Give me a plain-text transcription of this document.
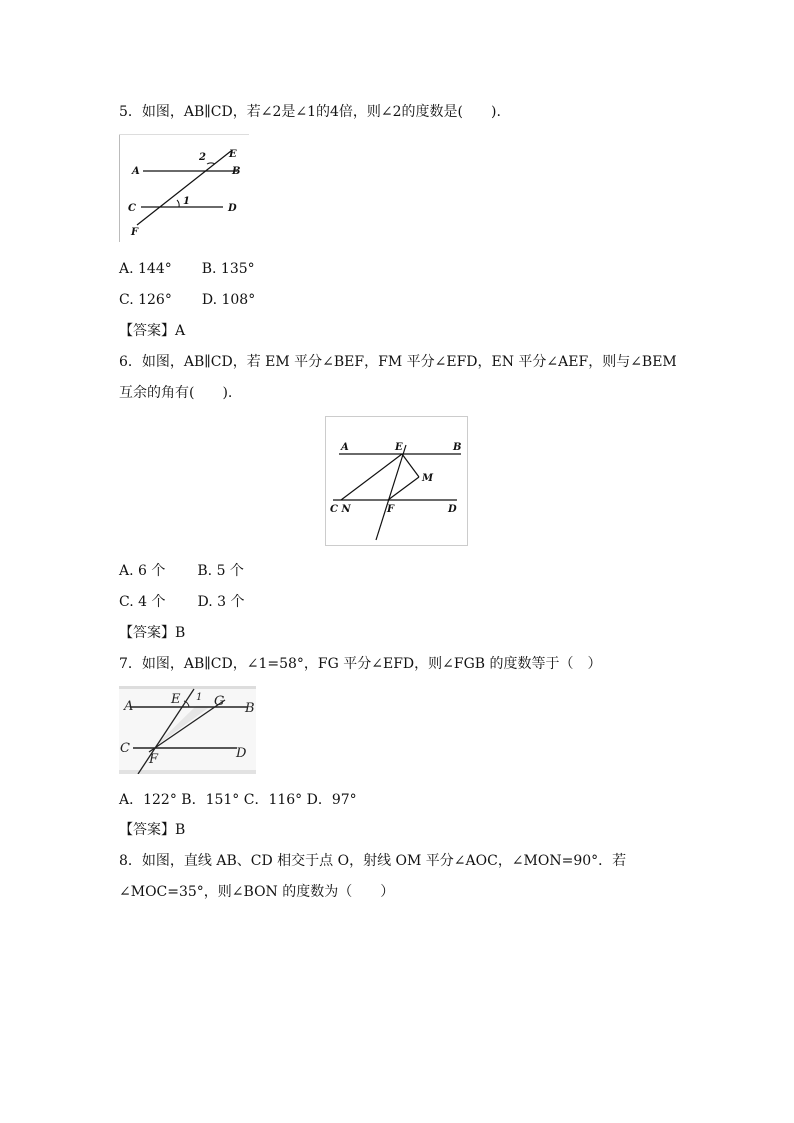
5．如图，AB∥CD，若∠2是∠1的4倍，则∠2的度数是(　　).
A	B
C	D
E
F
1
2
A. 144° B. 135°
C. 126° D. 108°
【答案】A
6．如图，AB∥CD，若 EM 平分∠BEF，FM 平分∠EFD，EN 平分∠AEF，则与∠BEM
互余的角有(　　).
A	B
E
M
C N	F	D
A. 6 个 B. 5 个
C. 4 个 D. 3 个
【答案】B
7．如图，AB∥CD，∠1=58°，FG 平分∠EFD，则∠FGB 的度数等于（　）
A	E 1 G B
C
F	D
A．122° B．151° C．116° D．97°
【答案】B
8．如图，直线 AB、CD 相交于点 O，射线 OM 平分∠AOC，∠MON=90°．若
∠MOC=35°，则∠BON 的度数为（　　）
